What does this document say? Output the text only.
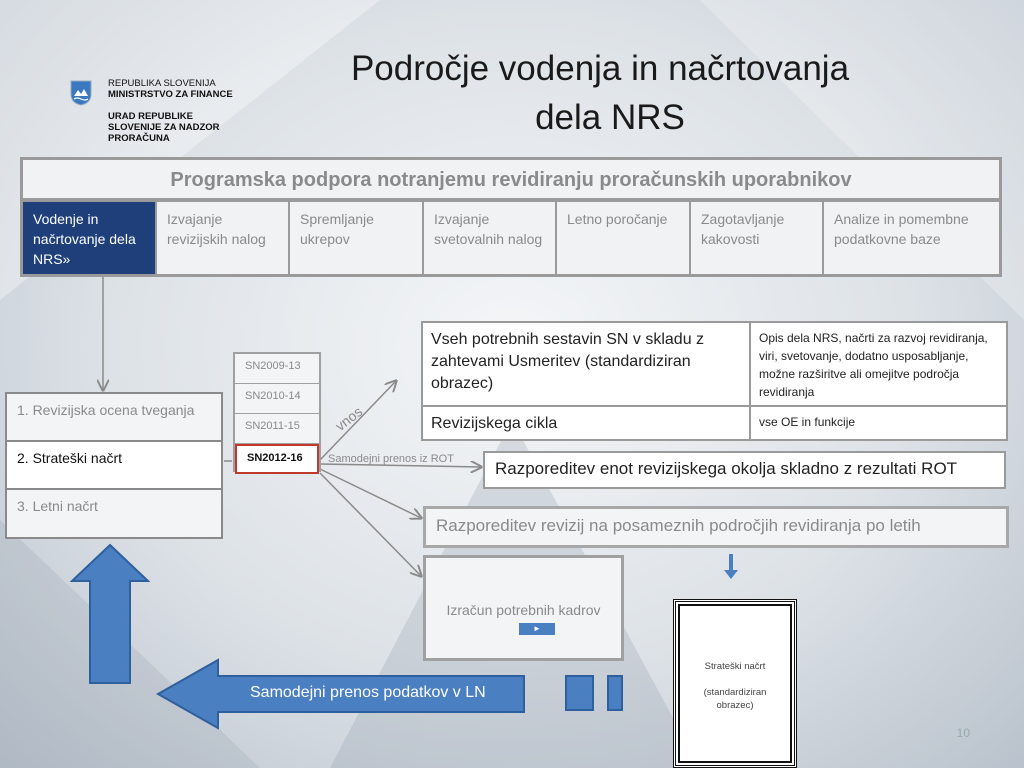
Področje vodenja in načrtovanja
dela NRS
REPUBLIKA SLOVENIJA
MINISTRSTVO ZA FINANCE
URAD REPUBLIKE
SLOVENIJE ZA NADZOR
PRORAČUNA
Programska podpora notranjemu revidiranju proračunskih uporabnikov
Vodenje in načrtovanje dela NRS»
Izvajanje revizijskih nalog
Spremljanje ukrepov
Izvajanje svetovalnih nalog
Letno poročanje	Zagotavljanje kakovosti
Analize in pomembne podatkovne baze
1. Revizijska ocena tveganja
2. Strateški načrt
3. Letni načrt
SN2009-13
SN2010-14
SN2011-15
SN2012-16
vnos
Samodejni prenos iz ROT
Vseh potrebnih sestavin SN v skladu z zahtevami Usmeritev (standardiziran obrazec)
Opis dela NRS, načrti za razvoj revidiranja, viri, svetovanje, dodatno usposabljanje, možne razširitve ali omejitve področja revidiranja
Revizijskega cikla	vse OE in funkcije
Razporeditev enot revizijskega okolja skladno z rezultati ROT
Razporeditev revizij na posameznih področjih revidiranja po letih
Izračun potrebnih kadrov
►
Strateški načrt
(standardiziran obrazec)
Samodejni prenos podatkov v LN
10
